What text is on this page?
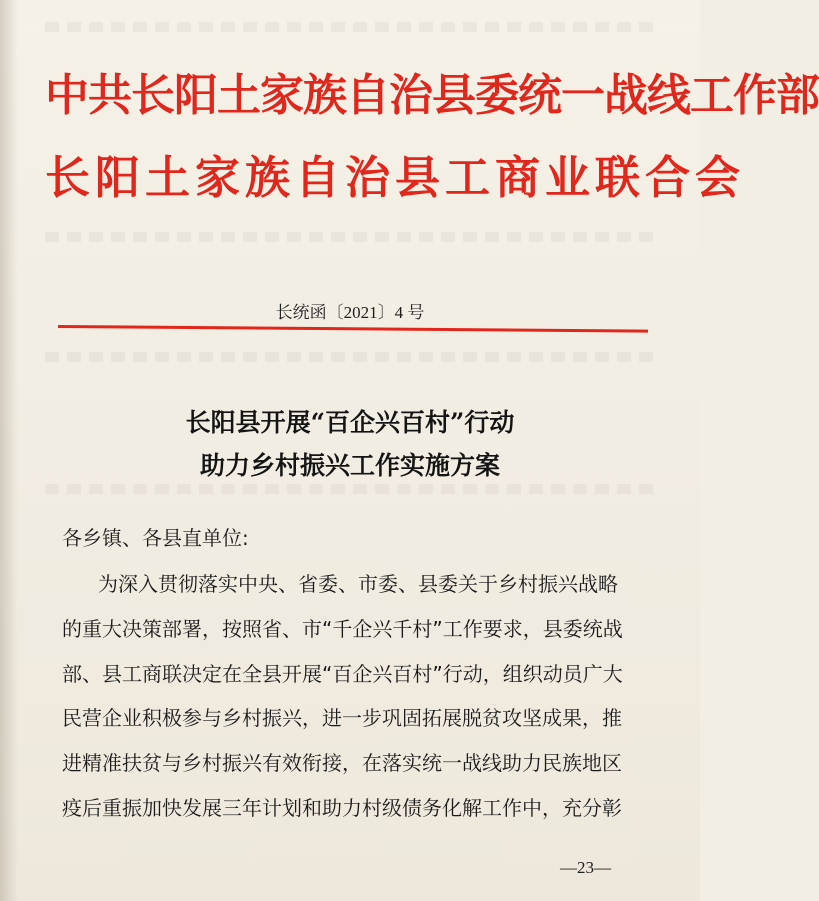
中共长阳土家族自治县委统一战线工作部
长阳土家族自治县工商业联合会
长统函〔2021〕4 号
长阳县开展“百企兴百村”行动
助力乡村振兴工作实施方案
各乡镇、各县直单位:
为深入贯彻落实中央、省委、市委、县委关于乡村振兴战略
的重大决策部署，按照省、市“千企兴千村”工作要求，县委统战
部、县工商联决定在全县开展“百企兴百村”行动，组织动员广大
民营企业积极参与乡村振兴，进一步巩固拓展脱贫攻坚成果，推
进精准扶贫与乡村振兴有效衔接，在落实统一战线助力民族地区
疫后重振加快发展三年计划和助力村级债务化解工作中，充分彰
—23—
